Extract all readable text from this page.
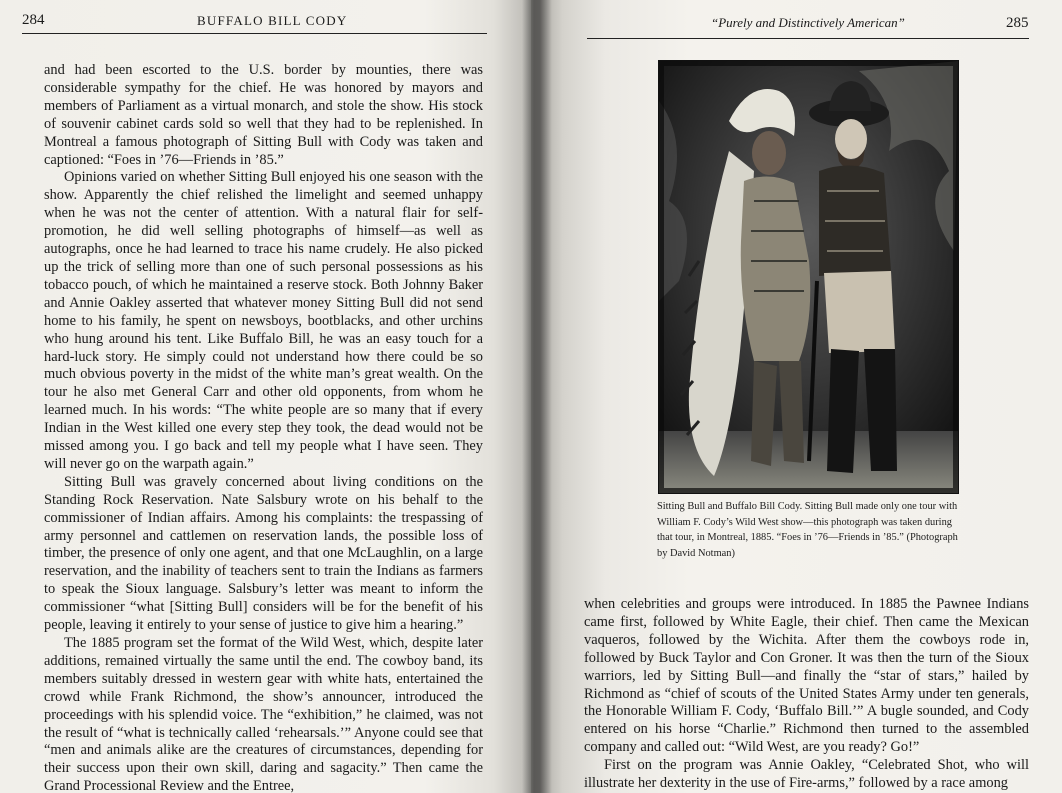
284	BUFFALO BILL CODY

and had been escorted to the U.S. border by mounties, there was considerable sympathy for the chief. He was honored by mayors and members of Parliament as a virtual monarch, and stole the show. His stock of souvenir cabinet cards sold so well that they had to be replenished. In Montreal a famous photograph of Sitting Bull with Cody was taken and captioned: “Foes in ’76—Friends in ’85.”

Opinions varied on whether Sitting Bull enjoyed his one season with the show. Apparently the chief relished the limelight and seemed unhappy when he was not the center of attention. With a natural flair for self-promotion, he did well selling photographs of himself—as well as autographs, once he had learned to trace his name crudely. He also picked up the trick of selling more than one of such personal possessions as his tobacco pouch, of which he maintained a reserve stock. Both Johnny Baker and Annie Oakley asserted that whatever money Sitting Bull did not send home to his family, he spent on newsboys, bootblacks, and other urchins who hung around his tent. Like Buffalo Bill, he was an easy touch for a hard-luck story. He simply could not understand how there could be so much obvious poverty in the midst of the white man’s great wealth. On the tour he also met General Carr and other old opponents, from whom he learned much. In his words: “The white people are so many that if every Indian in the West killed one every step they took, the dead would not be missed among you. I go back and tell my people what I have seen. They will never go on the warpath again.”

Sitting Bull was gravely concerned about living conditions on the Standing Rock Reservation. Nate Salsbury wrote on his behalf to the commissioner of Indian affairs. Among his complaints: the trespassing of army personnel and cattlemen on reservation lands, the possible loss of timber, the presence of only one agent, and that one McLaughlin, on a large reservation, and the inability of teachers sent to train the Indians as farmers to speak the Sioux language. Salsbury’s letter was meant to inform the commissioner “what [Sitting Bull] considers will be for the benefit of his people, leaving it entirely to your sense of justice to give him a hearing.”

The 1885 program set the format of the Wild West, which, despite later additions, remained virtually the same until the end. The cowboy band, its members suitably dressed in western gear with white hats, entertained the crowd while Frank Richmond, the show’s announcer, introduced the proceedings with his splendid voice. The “exhibition,” he claimed, was not the result of “what is technically called ‘rehearsals.’” Anyone could see that “men and animals alike are the creatures of circumstances, depending for their success upon their own skill, daring and sagacity.” Then came the Grand Processional Review and the Entree,

“Purely and Distinctively American”	285
Sitting Bull and Buffalo Bill Cody. Sitting Bull made only one tour with William F. Cody’s Wild West show—this photograph was taken during that tour, in Montreal, 1885. “Foes in ’76—Friends in ’85.” (Photograph by David Notman)

when celebrities and groups were introduced. In 1885 the Pawnee Indians came first, followed by White Eagle, their chief. Then came the Mexican vaqueros, followed by the Wichita. After them the cowboys rode in, followed by Buck Taylor and Con Groner. It was then the turn of the Sioux warriors, led by Sitting Bull—and finally the “star of stars,” hailed by Richmond as “chief of scouts of the United States Army under ten generals, the Honorable William F. Cody, ‘Buffalo Bill.’” A bugle sounded, and Cody entered on his horse “Charlie.” Richmond then turned to the assembled company and called out: “Wild West, are you ready? Go!”

First on the program was Annie Oakley, “Celebrated Shot, who will illustrate her dexterity in the use of Fire-arms,” followed by a race among
